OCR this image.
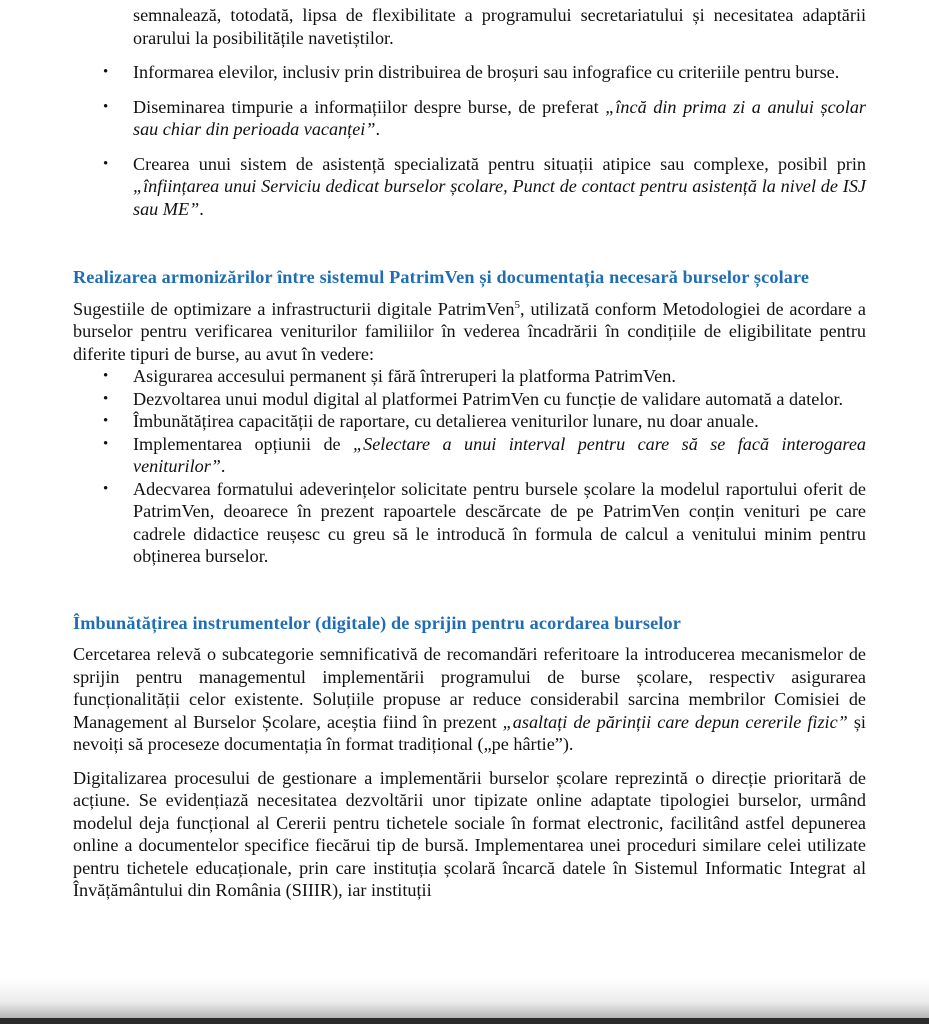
semnalează, totodată, lipsa de flexibilitate a programului secretariatului și necesitatea adaptării orarului la posibilitățile navetiștilor.

• Informarea elevilor, inclusiv prin distribuirea de broșuri sau infografice cu criteriile pentru burse.
• Diseminarea timpurie a informațiilor despre burse, de preferat „încă din prima zi a anului școlar sau chiar din perioada vacanței”.
• Crearea unui sistem de asistență specializată pentru situații atipice sau complexe, posibil prin „înființarea unui Serviciu dedicat burselor școlare, Punct de contact pentru asistență la nivel de ISJ sau ME”.
Realizarea armonizărilor între sistemul PatrimVen și documentația necesară burselor școlare

Sugestiile de optimizare a infrastructurii digitale PatrimVen$^5$, utilizată conform Metodologiei de acordare a burselor pentru verificarea veniturilor familiilor în vederea încadrării în condițiile de eligibilitate pentru diferite tipuri de burse, au avut în vedere:

• Asigurarea accesului permanent și fără întreruperi la platforma PatrimVen.
• Dezvoltarea unui modul digital al platformei PatrimVen cu funcție de validare automată a datelor.
• Îmbunătățirea capacității de raportare, cu detalierea veniturilor lunare, nu doar anuale.
• Implementarea opțiunii de „Selectare a unui interval pentru care să se facă interogarea veniturilor”.
• Adecvarea formatului adeverințelor solicitate pentru bursele școlare la modelul raportului oferit de PatrimVen, deoarece în prezent rapoartele descărcate de pe PatrimVen conțin venituri pe care cadrele didactice reușesc cu greu să le introducă în formula de calcul a venitului minim pentru obținerea burselor.
Îmbunătățirea instrumentelor (digitale) de sprijin pentru acordarea burselor

Cercetarea relevă o subcategorie semnificativă de recomandări referitoare la introducerea mecanismelor de sprijin pentru managementul implementării programului de burse școlare, respectiv asigurarea funcționalității celor existente. Soluțiile propuse ar reduce considerabil sarcina membrilor Comisiei de Management al Burselor Școlare, aceștia fiind în prezent „asaltați de părinții care depun cererile fizic” și nevoiți să proceseze documentația în format tradițional („pe hârtie”).

Digitalizarea procesului de gestionare a implementării burselor școlare reprezintă o direcție prioritară de acțiune. Se evidențiază necesitatea dezvoltării unor tipizate online adaptate tipologiei burselor, urmând modelul deja funcțional al Cererii pentru tichetele sociale în format electronic, facilitând astfel depunerea online a documentelor specifice fiecărui tip de bursă. Implementarea unei proceduri similare celei utilizate pentru tichetele educaționale, prin care instituția școlară încarcă datele în Sistemul Informatic Integrat al Învățământului din România (SIIIR), iar instituții
